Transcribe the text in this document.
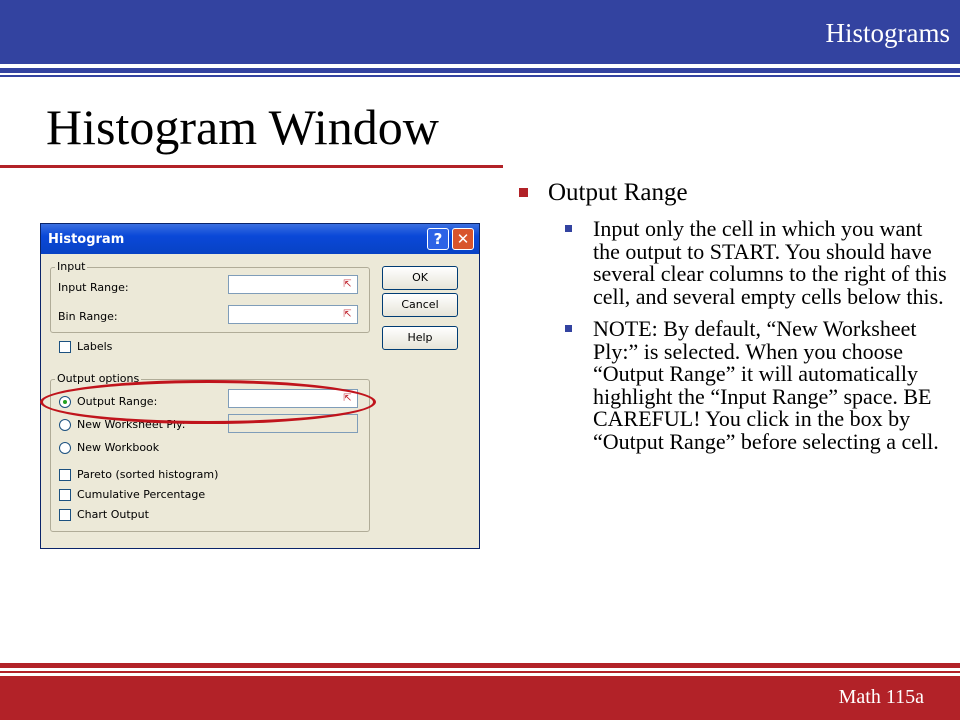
Histograms
Histogram Window
Output Range
Input only the cell in which you want the output to START. You should have several clear columns to the right of this cell, and several empty cells below this.
NOTE: By default, “New Worksheet Ply:” is selected. When you choose “Output Range” it will automatically highlight the “Input Range” space. BE CAREFUL! You click in the box by “Output Range” before selecting a cell.
Histogram	? ✕
Input
Input Range:
Bin Range:
⇱
⇱
Labels
Output options
Output Range:	⇱
New Worksheet Ply:
New Workbook
Pareto (sorted histogram)
Cumulative Percentage
Chart Output
OK
Cancel
Help
Math 115a
